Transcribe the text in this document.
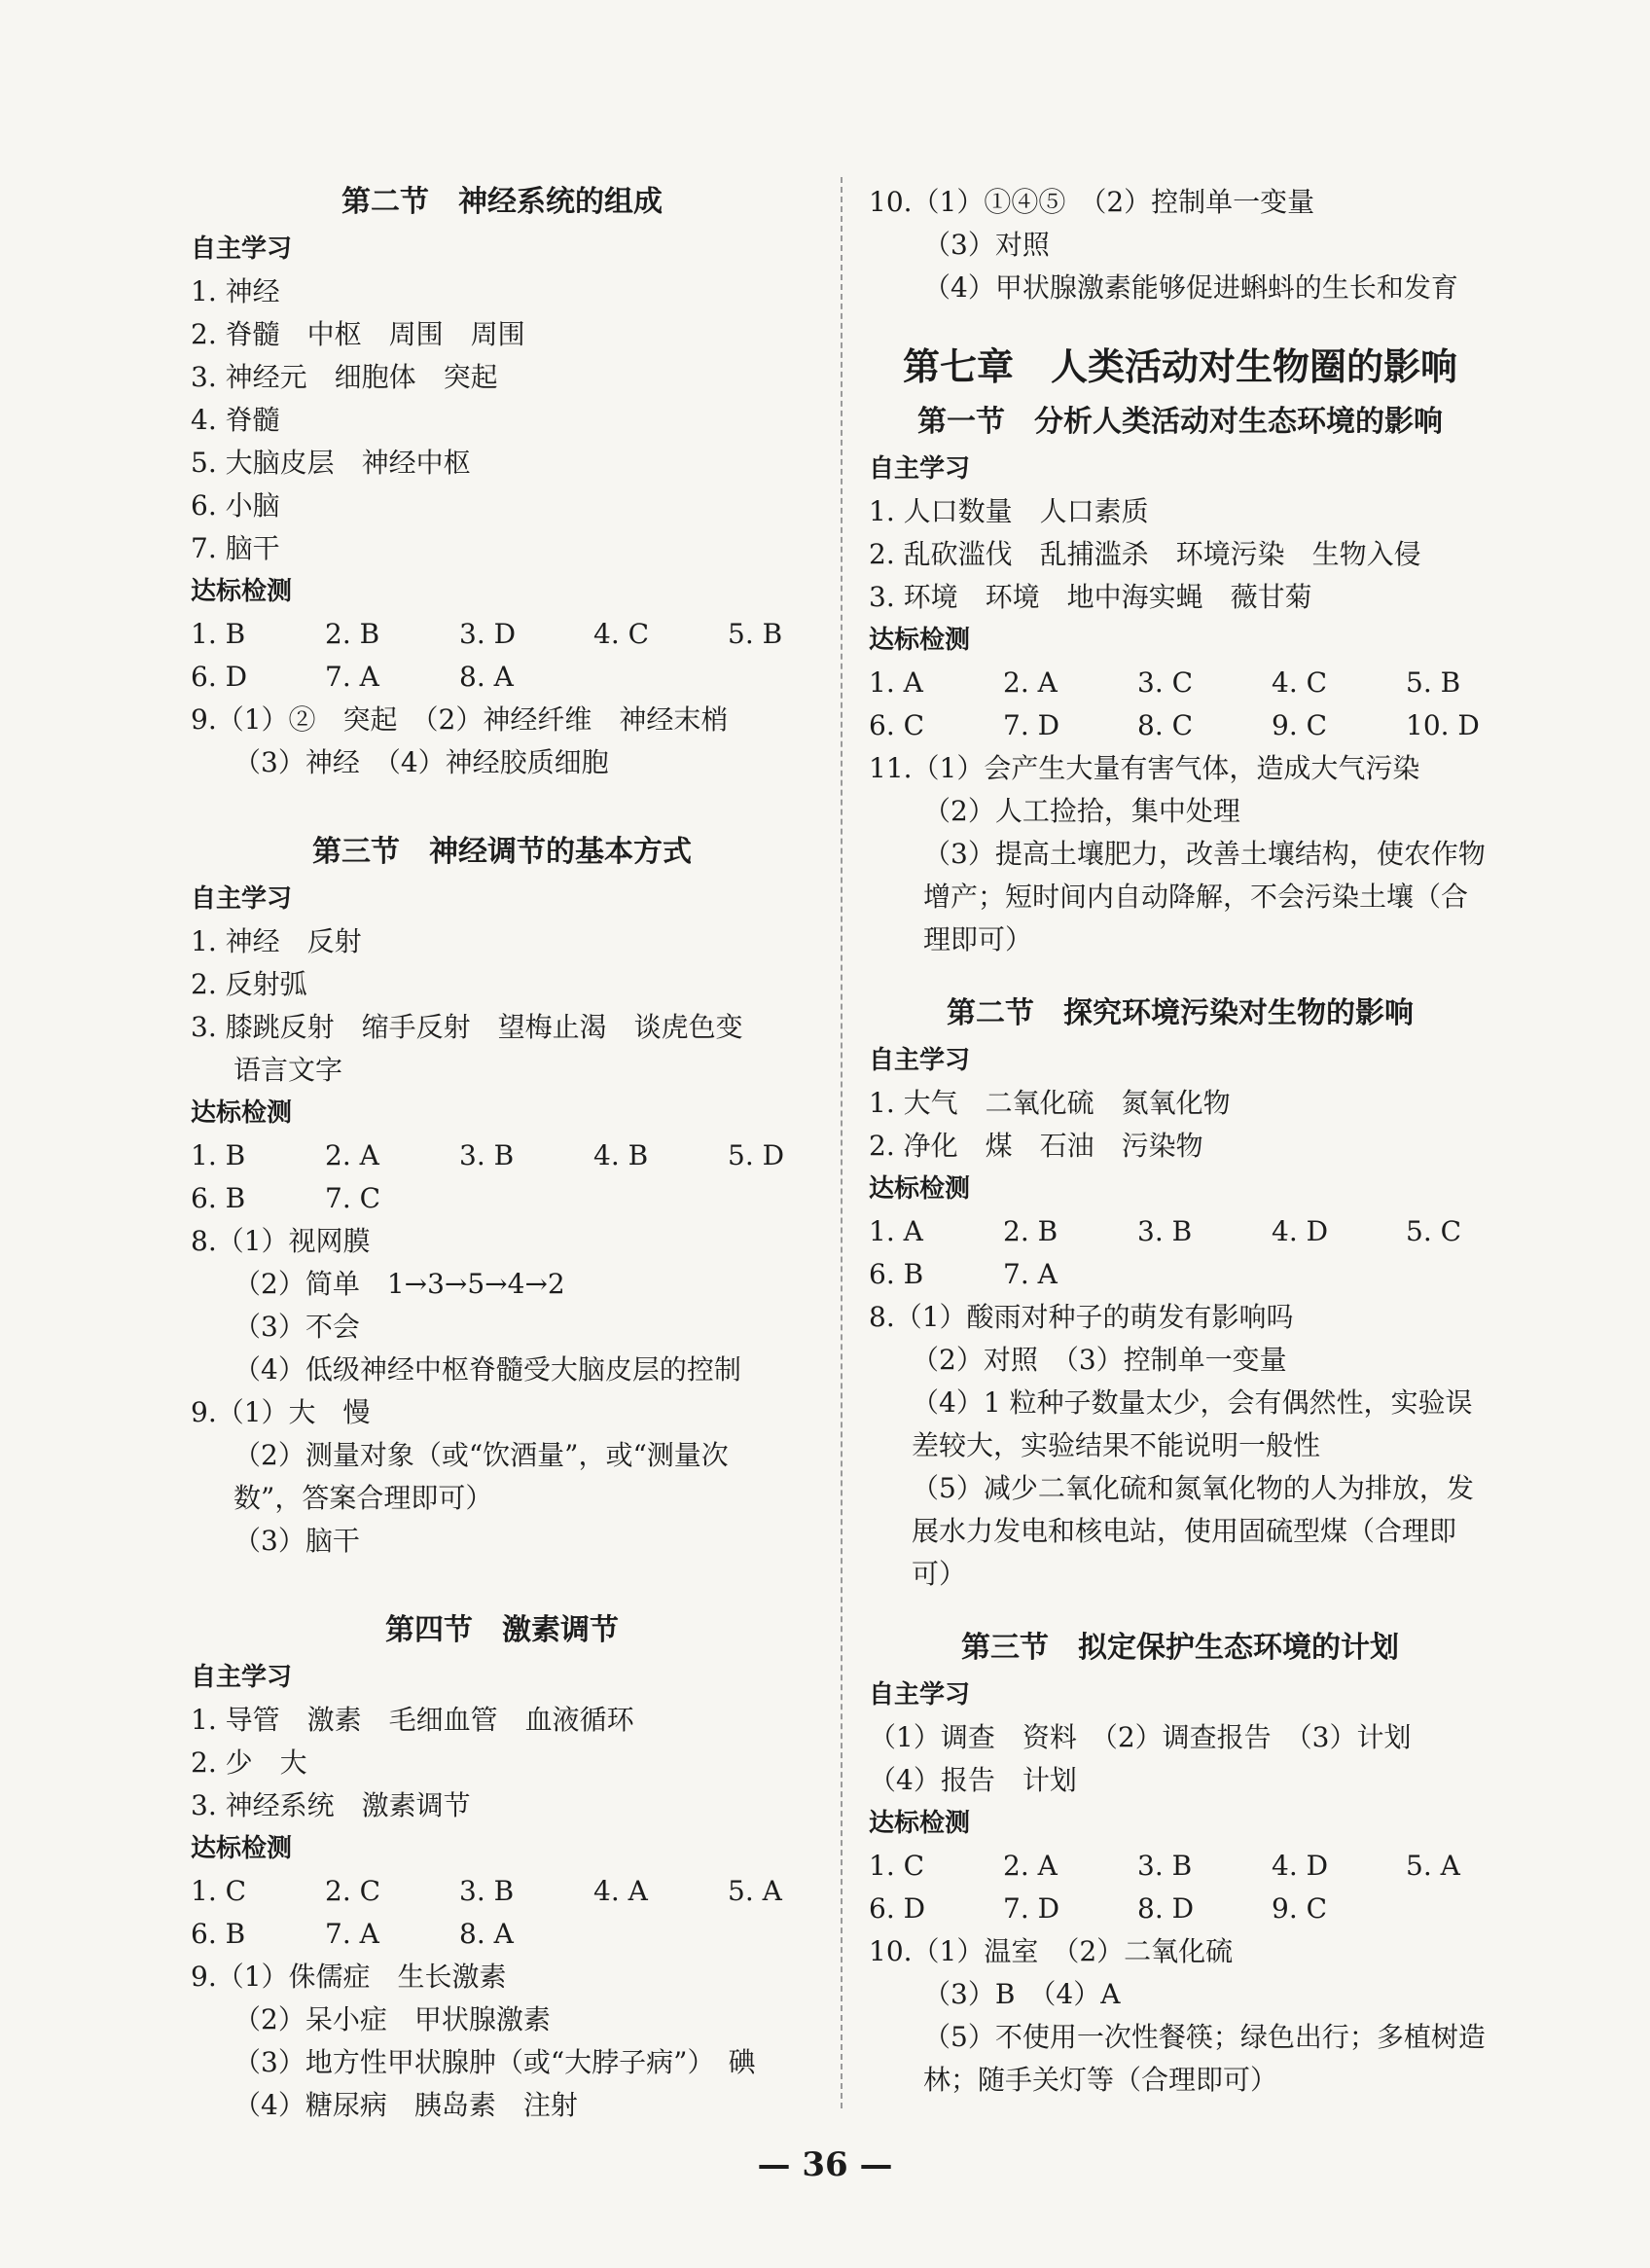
第二节　神经系统的组成
自主学习
1. 神经
2. 脊髓　中枢　周围　周围
3. 神经元　细胞体　突起
4. 脊髓
5. 大脑皮层　神经中枢
6. 小脑
7. 脑干
达标检测
1. B	2. B	3. D	4. C	5. B
6. D	7. A	8. A
9.（1）②　突起　（2）神经纤维　神经末梢
（3）神经　（4）神经胶质细胞
第三节　神经调节的基本方式
自主学习
1. 神经　反射
2. 反射弧
3. 膝跳反射　缩手反射　望梅止渴　谈虎色变
语言文字
达标检测
1. B	2. A	3. B	4. B	5. D
6. B	7. C
8.（1）视网膜
（2）简单　1→3→5→4→2
（3）不会
（4）低级神经中枢脊髓受大脑皮层的控制
9.（1）大　慢
（2）测量对象（或“饮酒量”，或“测量次
数”，答案合理即可）
（3）脑干
第四节　激素调节
自主学习
1. 导管　激素　毛细血管　血液循环
2. 少　大
3. 神经系统　激素调节
达标检测
1. C	2. C	3. B	4. A	5. A
6. B	7. A	8. A
9.（1）侏儒症　生长激素
（2）呆小症　甲状腺激素
（3）地方性甲状腺肿（或“大脖子病”）　碘
（4）糖尿病　胰岛素　注射
10.（1）①④⑤　（2）控制单一变量
（3）对照
（4）甲状腺激素能够促进蝌蚪的生长和发育
第七章　人类活动对生物圈的影响
第一节　分析人类活动对生态环境的影响
自主学习
1. 人口数量　人口素质
2. 乱砍滥伐　乱捕滥杀　环境污染　生物入侵
3. 环境　环境　地中海实蝇　薇甘菊
达标检测
1. A	2. A	3. C	4. C	5. B
6. C	7. D	8. C	9. C	10. D
11.（1）会产生大量有害气体，造成大气污染
（2）人工捡拾，集中处理
（3）提高土壤肥力，改善土壤结构，使农作物
增产；短时间内自动降解，不会污染土壤（合
理即可）
第二节　探究环境污染对生物的影响
自主学习
1. 大气　二氧化硫　氮氧化物
2. 净化　煤　石油　污染物
达标检测
1. A	2. B	3. B	4. D	5. C
6. B	7. A
8.（1）酸雨对种子的萌发有影响吗
（2）对照　（3）控制单一变量
（4）1 粒种子数量太少，会有偶然性，实验误
差较大，实验结果不能说明一般性
（5）减少二氧化硫和氮氧化物的人为排放，发
展水力发电和核电站，使用固硫型煤（合理即
可）
第三节　拟定保护生态环境的计划
自主学习
（1）调查　资料　（2）调查报告　（3）计划
（4）报告　计划
达标检测
1. C	2. A	3. B	4. D	5. A
6. D	7. D	8. D	9. C
10.（1）温室　（2）二氧化硫
（3）B　（4）A
（5）不使用一次性餐筷；绿色出行；多植树造
林；随手关灯等（合理即可）
— 36 —
